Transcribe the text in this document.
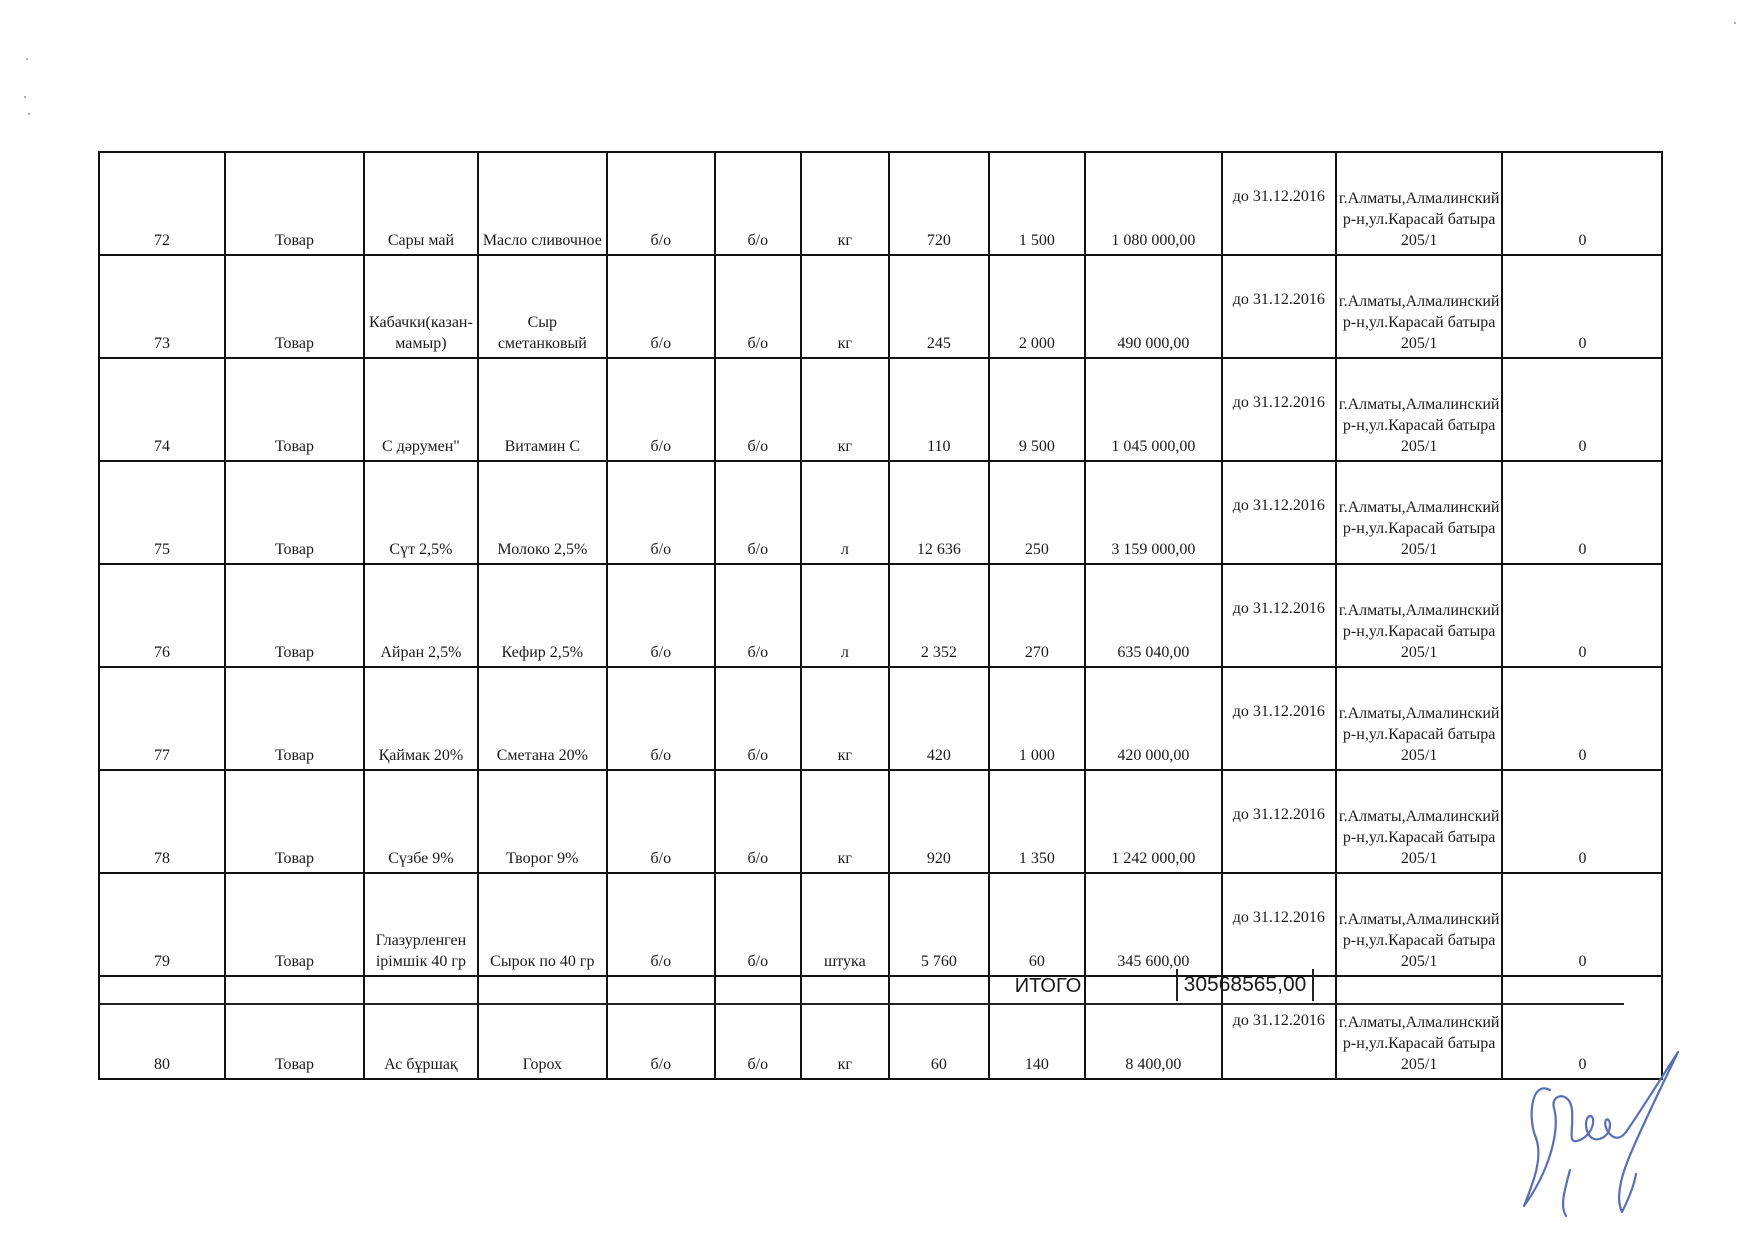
72	Товар	Сары май	Масло сливочное	б/о	б/о	кг	720	1 500	1 080 000,00	до 31.12.2016	г.Алматы,Алмалинский р-н,ул.Карасай батыра 205/1	0
73	Товар	Кабачки(казан-мамыр)	Сыр сметанковый	б/о	б/о	кг	245	2 000	490 000,00	до 31.12.2016	г.Алматы,Алмалинский р-н,ул.Карасай батыра 205/1	0
74	Товар	С дәрумен"	Витамин С	б/о	б/о	кг	110	9 500	1 045 000,00	до 31.12.2016	г.Алматы,Алмалинский р-н,ул.Карасай батыра 205/1	0
75	Товар	Сүт 2,5%	Молоко 2,5%	б/о	б/о	л	12 636	250	3 159 000,00	до 31.12.2016	г.Алматы,Алмалинский р-н,ул.Карасай батыра 205/1	0
76	Товар	Айран 2,5%	Кефир 2,5%	б/о	б/о	л	2 352	270	635 040,00	до 31.12.2016	г.Алматы,Алмалинский р-н,ул.Карасай батыра 205/1	0
77	Товар	Қаймак 20%	Сметана 20%	б/о	б/о	кг	420	1 000	420 000,00	до 31.12.2016	г.Алматы,Алмалинский р-н,ул.Карасай батыра 205/1	0
78	Товар	Сүзбе 9%	Творог 9%	б/о	б/о	кг	920	1 350	1 242 000,00	до 31.12.2016	г.Алматы,Алмалинский р-н,ул.Карасай батыра 205/1	0
79	Товар	Глазурленген ірімшік 40 гр	Сырок по 40 гр	б/о	б/о	штука	5 760	60	345 600,00	до 31.12.2016	г.Алматы,Алмалинский р-н,ул.Карасай батыра 205/1	0
80	Товар	Ас бұршақ	Горох	б/о	б/о	кг	60	140	8 400,00	до 31.12.2016	г.Алматы,Алмалинский р-н,ул.Карасай батыра 205/1	0
ИТОГО	30568565,00
